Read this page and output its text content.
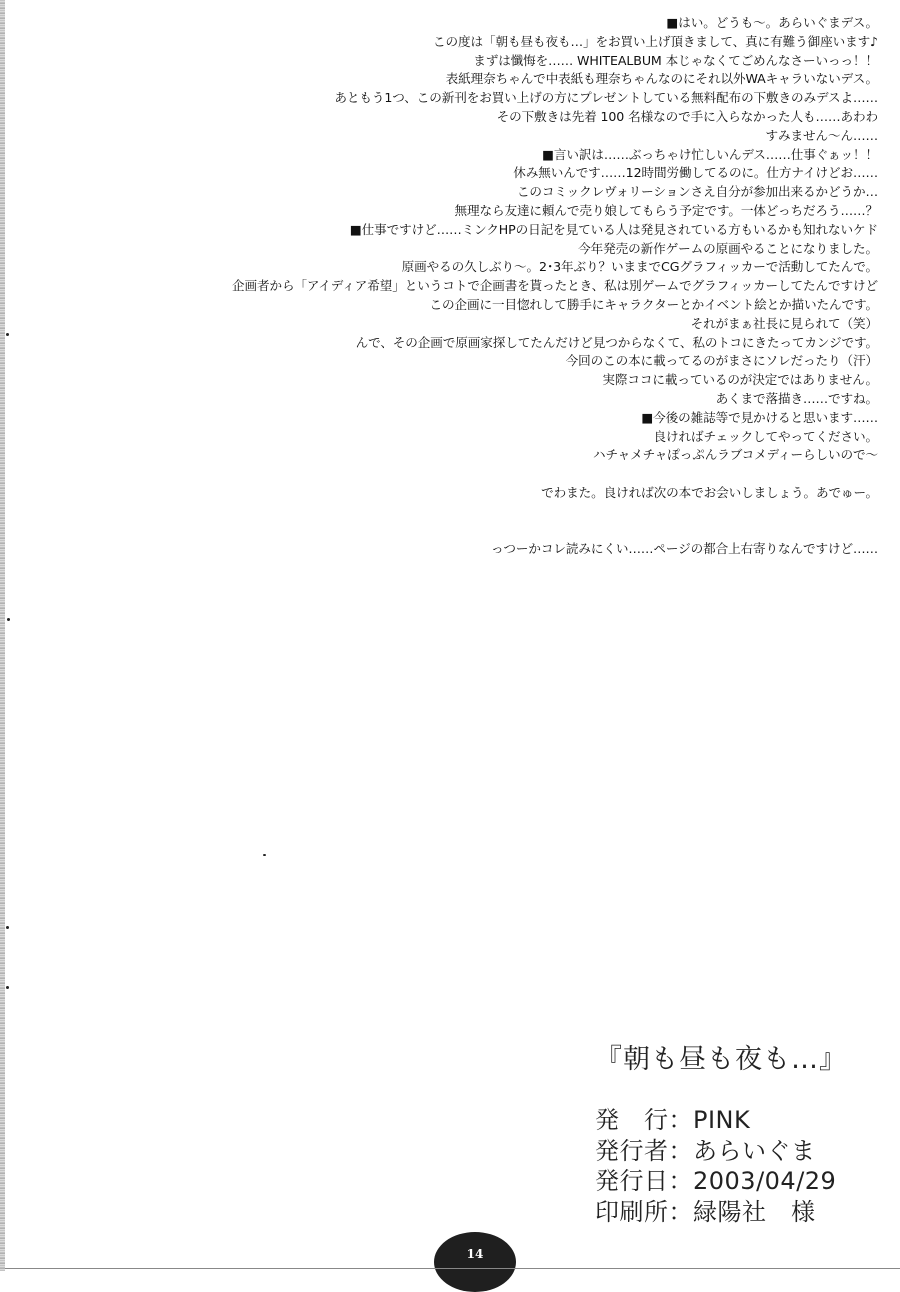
■はい。どうも～。あらいぐまデス。
この度は「朝も昼も夜も…」をお買い上げ頂きまして、真に有難う御座います♪
まずは懺悔を…… WHITEALBUM 本じゃなくてごめんなさーいっっ！！
表紙理奈ちゃんで中表紙も理奈ちゃんなのにそれ以外WAキャラいないデス。
あともう1つ、この新刊をお買い上げの方にプレゼントしている無料配布の下敷きのみデスよ……
その下敷きは先着 100 名様なので手に入らなかった人も……あわわ
すみません～ん……
■言い訳は……ぶっちゃけ忙しいんデス……仕事ぐぁッ！！
休み無いんです……12時間労働してるのに。仕方ナイけどお……
このコミックレヴォリーションさえ自分が参加出来るかどうか…
無理なら友達に頼んで売り娘してもらう予定です。一体どっちだろう……？
■仕事ですけど……ミンクHPの日記を見ている人は発見されている方もいるかも知れないケド
今年発売の新作ゲームの原画やることになりました。
原画やるの久しぶり～。2･3年ぶり？いままでCGグラフィッカーで活動してたんで。
企画者から「アイディア希望」というコトで企画書を貰ったとき、私は別ゲームでグラフィッカーしてたんですけど
この企画に一目惚れして勝手にキャラクターとかイベント絵とか描いたんです。
それがまぁ社長に見られて（笑）
んで、その企画で原画家探してたんだけど見つからなくて、私のトコにきたってカンジです。
今回のこの本に載ってるのがまさにソレだったり（汗）
実際ココに載っているのが決定ではありません。
あくまで落描き……ですね。
■今後の雑誌等で見かけると思います……
良ければチェックしてやってください。
ハチャメチャぽっぷんラブコメディーらしいので～
でわまた。良ければ次の本でお会いしましょう。あでゅー。
っつーかコレ読みにくい……ページの都合上右寄りなんですけど……
『朝も昼も夜も…』
発　行：PINK
発行者：あらいぐま
発行日：2003/04/29
印刷所：緑陽社　様
14
